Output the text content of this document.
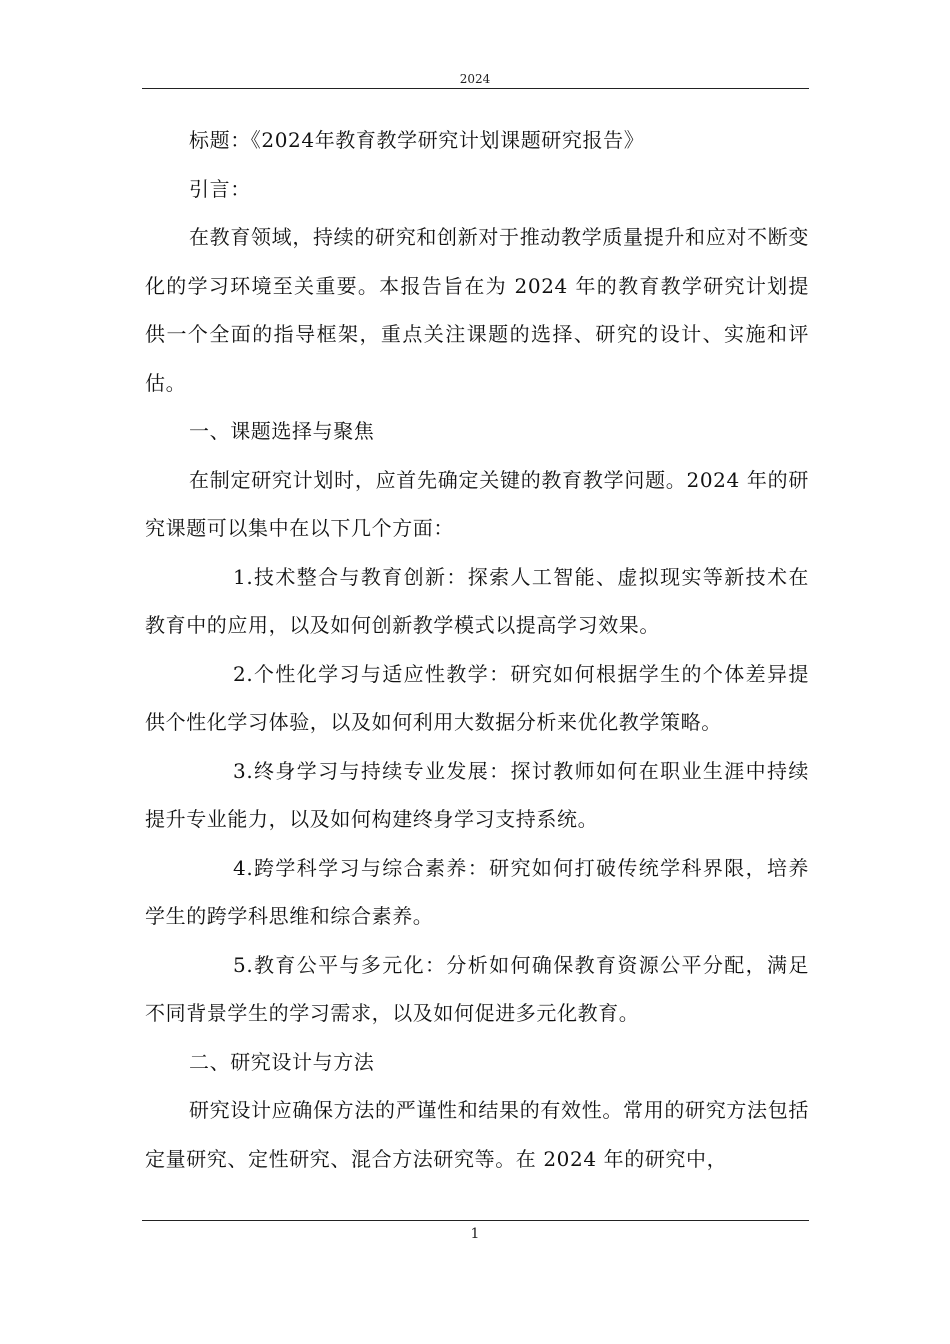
2024

标题：《2024年教育教学研究计划课题研究报告》

引言：

在教育领域，持续的研究和创新对于推动教学质量提升和应对不断变化的学习环境至关重要。本报告旨在为 2024 年的教育教学研究计划提供一个全面的指导框架，重点关注课题的选择、研究的设计、实施和评估。

一、课题选择与聚焦

在制定研究计划时，应首先确定关键的教育教学问题。2024 年的研究课题可以集中在以下几个方面：

1.技术整合与教育创新：探索人工智能、虚拟现实等新技术在教育中的应用，以及如何创新教学模式以提高学习效果。

2.个性化学习与适应性教学：研究如何根据学生的个体差异提供个性化学习体验，以及如何利用大数据分析来优化教学策略。

3.终身学习与持续专业发展：探讨教师如何在职业生涯中持续提升专业能力，以及如何构建终身学习支持系统。

4.跨学科学习与综合素养：研究如何打破传统学科界限，培养学生的跨学科思维和综合素养。

5.教育公平与多元化：分析如何确保教育资源公平分配，满足不同背景学生的学习需求，以及如何促进多元化教育。

二、研究设计与方法

研究设计应确保方法的严谨性和结果的有效性。常用的研究方法包括定量研究、定性研究、混合方法研究等。在 2024 年的研究中，

1
